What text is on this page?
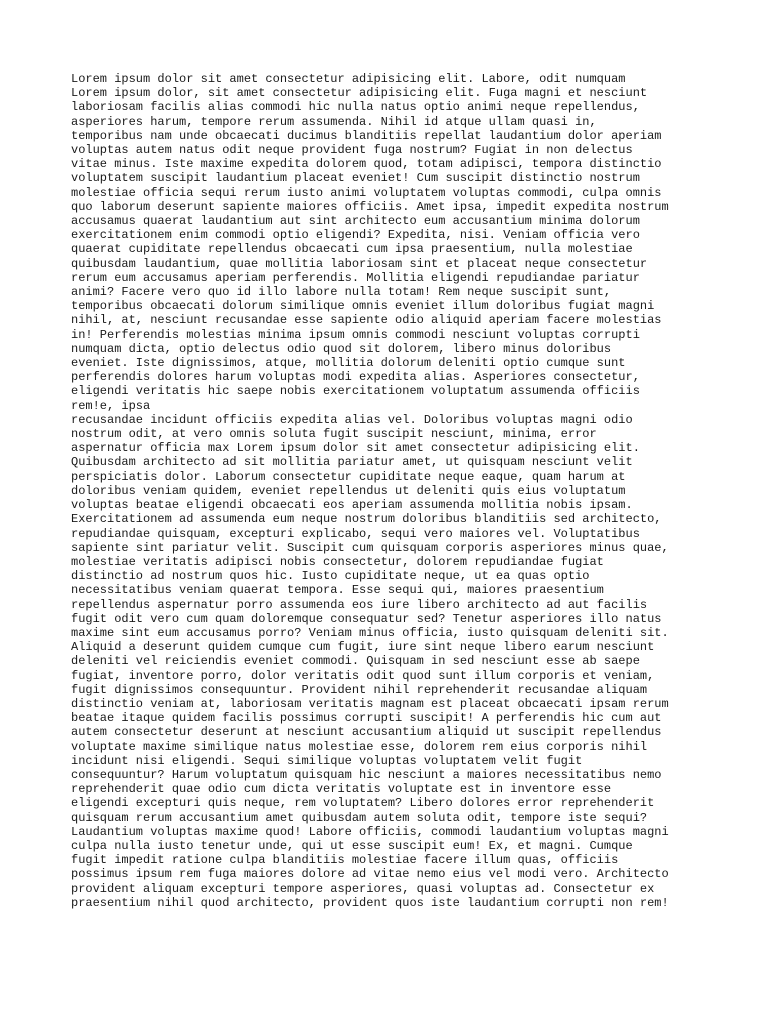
Lorem ipsum dolor sit amet consectetur adipisicing elit. Labore, odit numquam
Lorem ipsum dolor, sit amet consectetur adipisicing elit. Fuga magni et nesciunt
laboriosam facilis alias commodi hic nulla natus optio animi neque repellendus,
asperiores harum, tempore rerum assumenda. Nihil id atque ullam quasi in,
temporibus nam unde obcaecati ducimus blanditiis repellat laudantium dolor aperiam
voluptas autem natus odit neque provident fuga nostrum? Fugiat in non delectus
vitae minus. Iste maxime expedita dolorem quod, totam adipisci, tempora distinctio
voluptatem suscipit laudantium placeat eveniet! Cum suscipit distinctio nostrum
molestiae officia sequi rerum iusto animi voluptatem voluptas commodi, culpa omnis
quo laborum deserunt sapiente maiores officiis. Amet ipsa, impedit expedita nostrum
accusamus quaerat laudantium aut sint architecto eum accusantium minima dolorum
exercitationem enim commodi optio eligendi? Expedita, nisi. Veniam officia vero
quaerat cupiditate repellendus obcaecati cum ipsa praesentium, nulla molestiae
quibusdam laudantium, quae mollitia laboriosam sint et placeat neque consectetur
rerum eum accusamus aperiam perferendis. Mollitia eligendi repudiandae pariatur
animi? Facere vero quo id illo labore nulla totam! Rem neque suscipit sunt,
temporibus obcaecati dolorum similique omnis eveniet illum doloribus fugiat magni
nihil, at, nesciunt recusandae esse sapiente odio aliquid aperiam facere molestias
in! Perferendis molestias minima ipsum omnis commodi nesciunt voluptas corrupti
numquam dicta, optio delectus odio quod sit dolorem, libero minus doloribus
eveniet. Iste dignissimos, atque, mollitia dolorum deleniti optio cumque sunt
perferendis dolores harum voluptas modi expedita alias. Asperiores consectetur,
eligendi veritatis hic saepe nobis exercitationem voluptatum assumenda officiis
rem!e, ipsa
recusandae incidunt officiis expedita alias vel. Doloribus voluptas magni odio
nostrum odit, at vero omnis soluta fugit suscipit nesciunt, minima, error
aspernatur officia max Lorem ipsum dolor sit amet consectetur adipisicing elit.
Quibusdam architecto ad sit mollitia pariatur amet, ut quisquam nesciunt velit
perspiciatis dolor. Laborum consectetur cupiditate neque eaque, quam harum at
doloribus veniam quidem, eveniet repellendus ut deleniti quis eius voluptatum
voluptas beatae eligendi obcaecati eos aperiam assumenda mollitia nobis ipsam.
Exercitationem ad assumenda eum neque nostrum doloribus blanditiis sed architecto,
repudiandae quisquam, excepturi explicabo, sequi vero maiores vel. Voluptatibus
sapiente sint pariatur velit. Suscipit cum quisquam corporis asperiores minus quae,
molestiae veritatis adipisci nobis consectetur, dolorem repudiandae fugiat
distinctio ad nostrum quos hic. Iusto cupiditate neque, ut ea quas optio
necessitatibus veniam quaerat tempora. Esse sequi qui, maiores praesentium
repellendus aspernatur porro assumenda eos iure libero architecto ad aut facilis
fugit odit vero cum quam doloremque consequatur sed? Tenetur asperiores illo natus
maxime sint eum accusamus porro? Veniam minus officia, iusto quisquam deleniti sit.
Aliquid a deserunt quidem cumque cum fugit, iure sint neque libero earum nesciunt
deleniti vel reiciendis eveniet commodi. Quisquam in sed nesciunt esse ab saepe
fugiat, inventore porro, dolor veritatis odit quod sunt illum corporis et veniam,
fugit dignissimos consequuntur. Provident nihil reprehenderit recusandae aliquam
distinctio veniam at, laboriosam veritatis magnam est placeat obcaecati ipsam rerum
beatae itaque quidem facilis possimus corrupti suscipit! A perferendis hic cum aut
autem consectetur deserunt at nesciunt accusantium aliquid ut suscipit repellendus
voluptate maxime similique natus molestiae esse, dolorem rem eius corporis nihil
incidunt nisi eligendi. Sequi similique voluptas voluptatem velit fugit
consequuntur? Harum voluptatum quisquam hic nesciunt a maiores necessitatibus nemo
reprehenderit quae odio cum dicta veritatis voluptate est in inventore esse
eligendi excepturi quis neque, rem voluptatem? Libero dolores error reprehenderit
quisquam rerum accusantium amet quibusdam autem soluta odit, tempore iste sequi?
Laudantium voluptas maxime quod! Labore officiis, commodi laudantium voluptas magni
culpa nulla iusto tenetur unde, qui ut esse suscipit eum! Ex, et magni. Cumque
fugit impedit ratione culpa blanditiis molestiae facere illum quas, officiis
possimus ipsum rem fuga maiores dolore ad vitae nemo eius vel modi vero. Architecto
provident aliquam excepturi tempore asperiores, quasi voluptas ad. Consectetur ex
praesentium nihil quod architecto, provident quos iste laudantium corrupti non rem!
